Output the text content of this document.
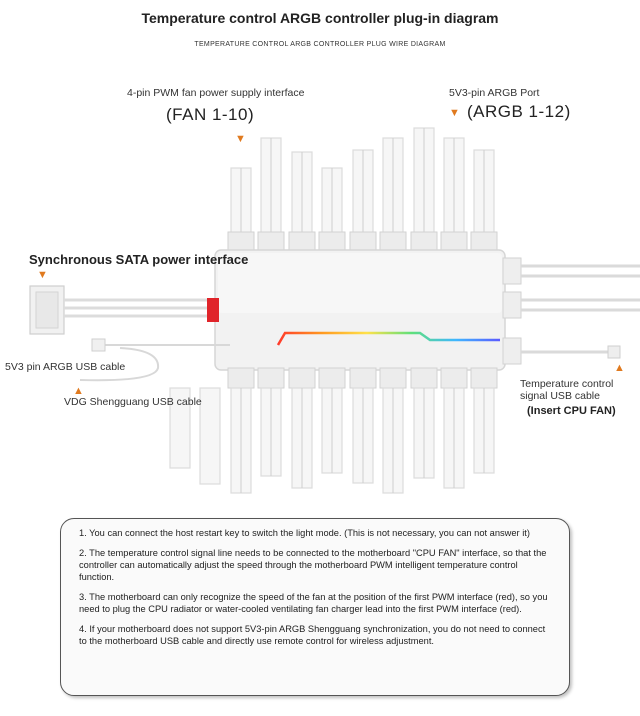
Temperature control ARGB controller plug-in diagram
TEMPERATURE CONTROL ARGB CONTROLLER PLUG WIRE DIAGRAM
4-pin PWM fan power supply interface
(FAN 1-10)
▼
5V3-pin ARGB Port
▼ (ARGB 1-12)
Synchronous SATA power interface
▼
5V3 pin ARGB USB cable
▲
VDG Shengguang USB cable
▲
Temperature control
signal USB cable
(Insert CPU FAN)

1. You can connect the host restart key to switch the light mode. (This is not necessary, you can not answer it)

2. The temperature control signal line needs to be connected to the motherboard "CPU FAN" interface, so that the controller can automatically adjust the speed through the motherboard PWM intelligent temperature control function.

3. The motherboard can only recognize the speed of the fan at the position of the first PWM interface (red), so you need to plug the CPU radiator or water-cooled ventilating fan charger lead into the first PWM interface (red).

4. If your motherboard does not support 5V3-pin ARGB Shengguang synchronization, you do not need to connect to the motherboard USB cable and directly use remote control for wireless adjustment.
